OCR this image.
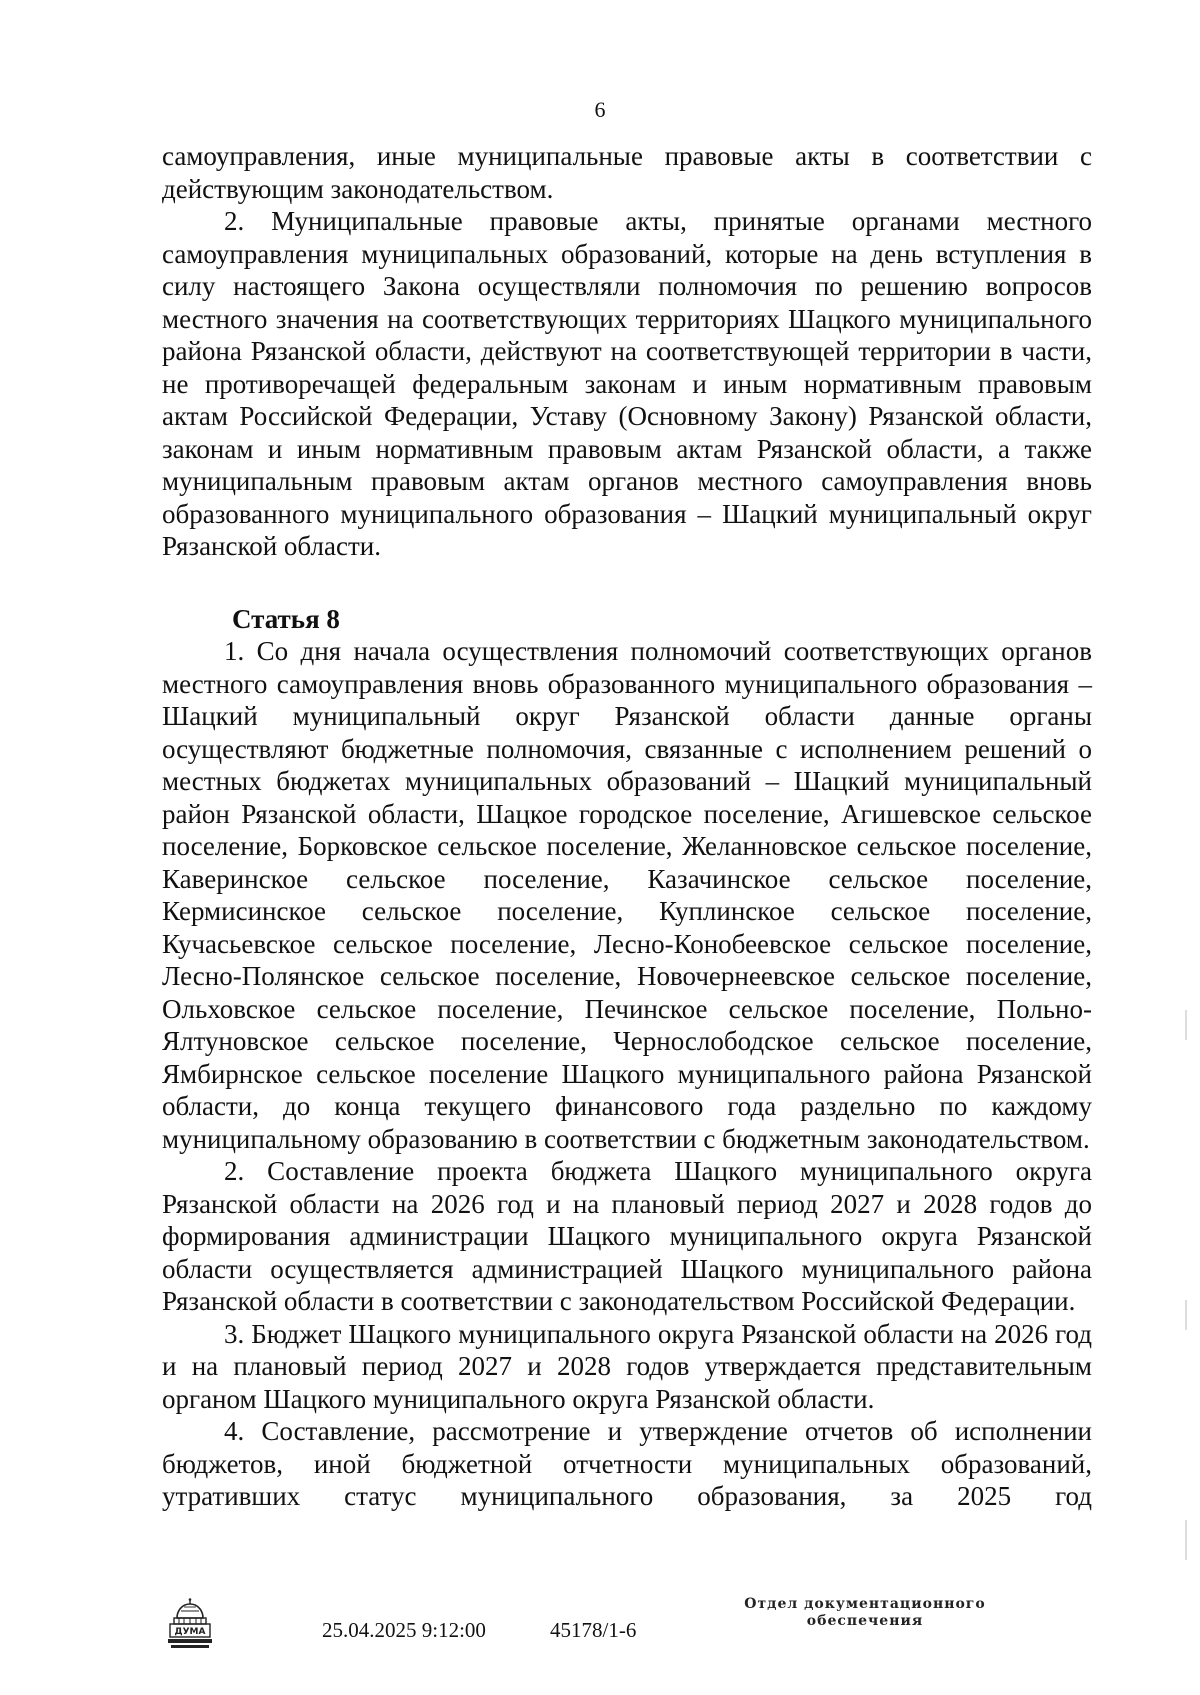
6

самоуправления, иные муниципальные правовые акты в соответствии с действующим законодательством.

2. Муниципальные правовые акты, принятые органами местного самоуправления муниципальных образований, которые на день вступления в силу настоящего Закона осуществляли полномочия по решению вопросов местного значения на соответствующих территориях Шацкого муниципального района Рязанской области, действуют на соответствующей территории в части, не противоречащей федеральным законам и иным нормативным правовым актам Российской Федерации, Уставу (Основному Закону) Рязанской области, законам и иным нормативным правовым актам Рязанской области, а также муниципальным правовым актам органов местного самоуправления вновь образованного муниципального образования – Шацкий муниципальный округ Рязанской области.

Статья 8

1. Со дня начала осуществления полномочий соответствующих органов местного самоуправления вновь образованного муниципального образования – Шацкий муниципальный округ Рязанской области данные органы осуществляют бюджетные полномочия, связанные с исполнением решений о местных бюджетах муниципальных образований – Шацкий муниципальный район Рязанской области, Шацкое городское поселение, Агишевское сельское поселение, Борковское сельское поселение, Желанновское сельское поселение, Каверинское сельское поселение, Казачинское сельское поселение, Кермисинское сельское поселение, Куплинское сельское поселение, Кучасьевское сельское поселение, Лесно-Конобеевское сельское поселение, Лесно-Полянское сельское поселение, Новочернеевское сельское поселение, Ольховское сельское поселение, Печинское сельское поселение, Польно-Ялтуновское сельское поселение, Чернослободское сельское поселение, Ямбирнское сельское поселение Шацкого муниципального района Рязанской области, до конца текущего финансового года раздельно по каждому муниципальному образованию в соответствии с бюджетным законодательством.

2. Составление проекта бюджета Шацкого муниципального округа Рязанской области на 2026 год и на плановый период 2027 и 2028 годов до формирования администрации Шацкого муниципального округа Рязанской области осуществляется администрацией Шацкого муниципального района Рязанской области в соответствии с законодательством Российской Федерации.

3. Бюджет Шацкого муниципального округа Рязанской области на 2026 год и на плановый период 2027 и 2028 годов утверждается представительным органом Шацкого муниципального округа Рязанской области.

4. Составление, рассмотрение и утверждение отчетов об исполнении бюджетов, иной бюджетной отчетности муниципальных образований, утративших статус муниципального образования, за 2025 год

ДУМА	25.04.2025 9:12:00	45178/1-6
Отдел документационного
обеспечения
